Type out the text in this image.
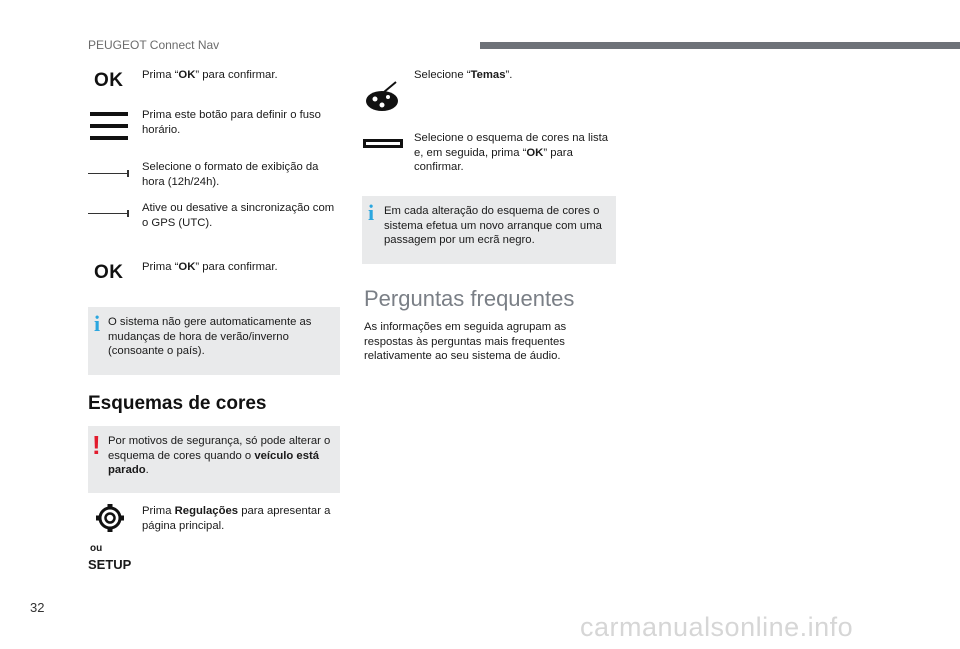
PEUGEOT Connect Nav
OK Prima “OK” para confirmar.
Prima este botão para definir o fuso horário.
Selecione o formato de exibição da hora (12h/24h).
Ative ou desative a sincronização com o GPS (UTC).
OK Prima “OK” para confirmar.
i O sistema não gere automaticamente as mudanças de hora de verão/inverno (consoante o país).
Esquemas de cores
! Por motivos de segurança, só pode alterar o esquema de cores quando o veículo está parado.
ou
SETUP
Prima Regulações para apresentar a página principal.
Selecione “Temas”.
Selecione o esquema de cores na lista e, em seguida, prima “OK” para confirmar.
i Em cada alteração do esquema de cores o sistema efetua um novo arranque com uma passagem por um ecrã negro.
Perguntas frequentes
As informações em seguida agrupam as respostas às perguntas mais frequentes relativamente ao seu sistema de áudio.
32
carmanualsonline.info
